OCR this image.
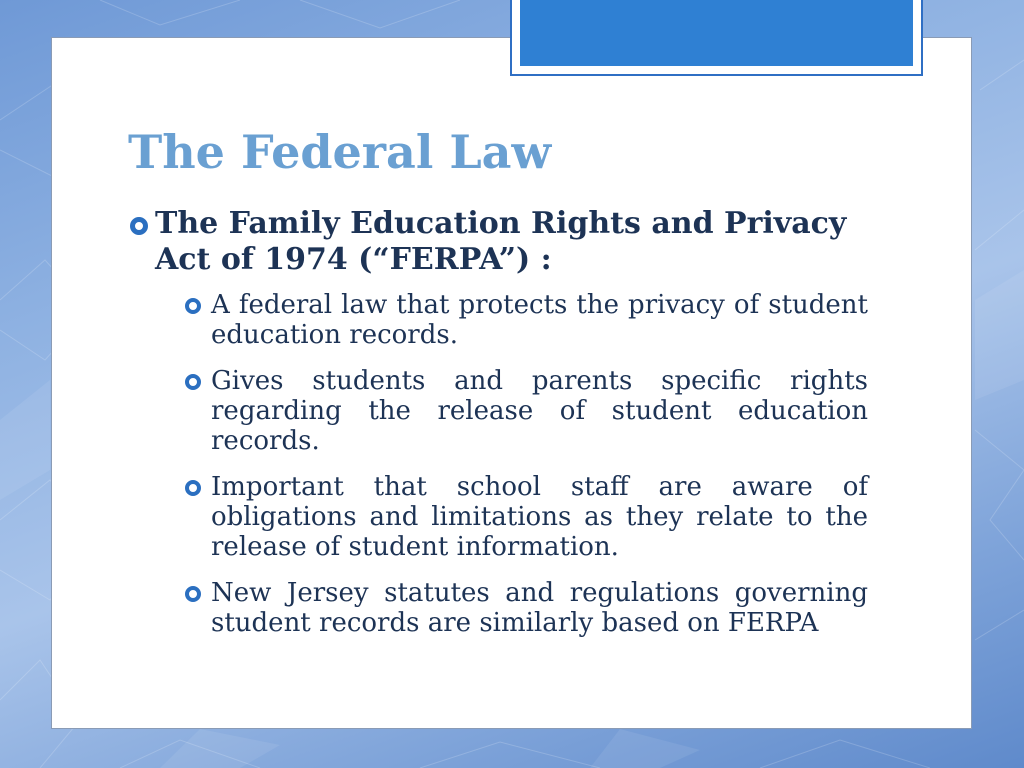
The Federal Law
The Family Education Rights and Privacy Act of 1974 (“FERPA”) :
A federal law that protects the privacy of student education records.
Gives students and parents specific rights regarding the release of student education records.
Important that school staff are aware of obligations and limitations as they relate to the release of student information.
New Jersey statutes and regulations governing student records are similarly based on FERPA
